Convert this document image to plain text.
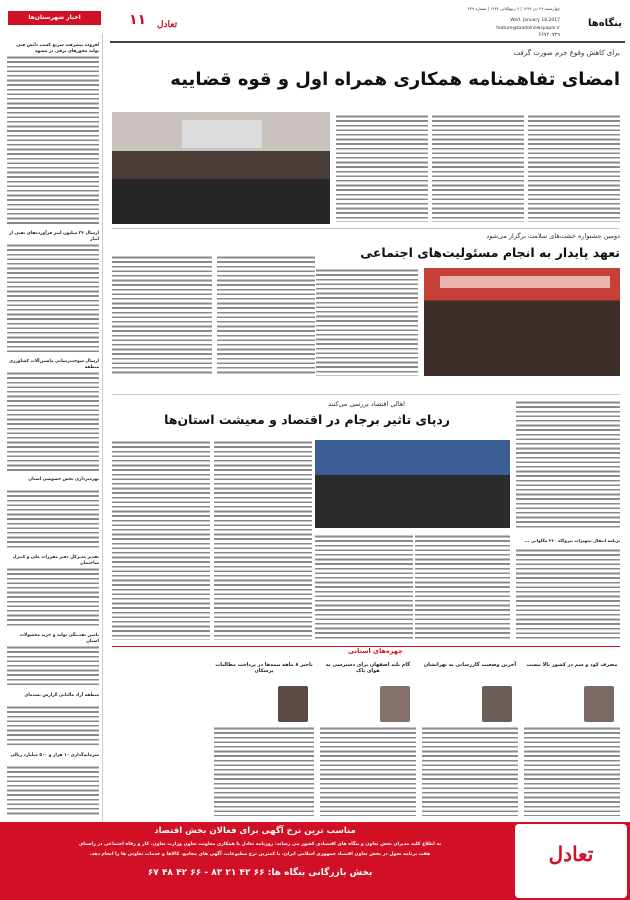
بنگاه‌ها
چهارشنبه ۲۹ دی ۱۳۹۴ | ۷ ربیع‌الثانی ۱۴۳۷ | شماره ۴۳۹
Wed. January 18.2017
feature@taadolnewspaper.ir
۶۶۷۲۰۷۲۹
۱۱ تعادل
اخبار شهرستان‌ها
افزوده پیشرفت سریع کسب دانش فنی تولید محورهای برقی در مشهد
ارسال ۳۲ میلیون لیتر فرآورده‌های نفتی از انبار
ارسال سوخت‌رسانی ماشین‌آلات کشاورزی منطقه
بهره‌برداری بخش خصوصی استان
تقدیر مدیرکل دفتر مقررات ملی و کنترل ساختمان
تامین نقدینگی تولید و خرید محصولات استان
منطقه آزاد مالیاتی گزارش نشده‌ای
سرمایه‌گذاری ۱۰ هزار و ۵۰۰ میلیارد ریالی
برای کاهش وقوع جرم صورت گرفت
امضای تفاهمنامه همکاری همراه اول و قوه قضاییه
دومین جشنواره خشت‌های سلامت برگزار می‌شود
تعهد پایدار به انجام مسئولیت‌های اجتماعی
اهالی اقتصاد بررسی می‌کنند
ردپای تاثیر برجام در اقتصاد و معیشت استان‌ها
برنامه انتقال تجهیزات نیروگاه ۲۶۰ مگاواتی ...
چهره‌های استانی
مصرف کود و سم در کشور بالا نیست
آخرین وضعیت گازرسانی به تهرانشان
گام بلند اصفهان برای دسترسی به هوای پاک
تاخیر ۸ ماهه بیمه‌ها در پرداخت مطالبات پزشکان
مناسب ترین نرخ آگهی برای فعالان بخش اقتصاد
به اطلاع کلیه مدیران بخش تعاون و بنگاه های اقتصادی کشور می رساند: روزنامه تعادل با همکاری معاونت تعاون وزارت تعاون، کار و رفاه اجتماعی در راستای
هفت برنامه تحول در بخش تعاون اقتصاد جمهوری اسلامی ایران، با کمترین نرخ مطبوعات، آگهی های مجامع، کالاها و خدمات تعاونی ها را انجام دهد.
بخش بازرگانی بنگاه ها: ۶۶ ۴۲ ۲۱ ۸۳ - ۶۶ ۴۲ ۴۸ ۶۷
تعادل
